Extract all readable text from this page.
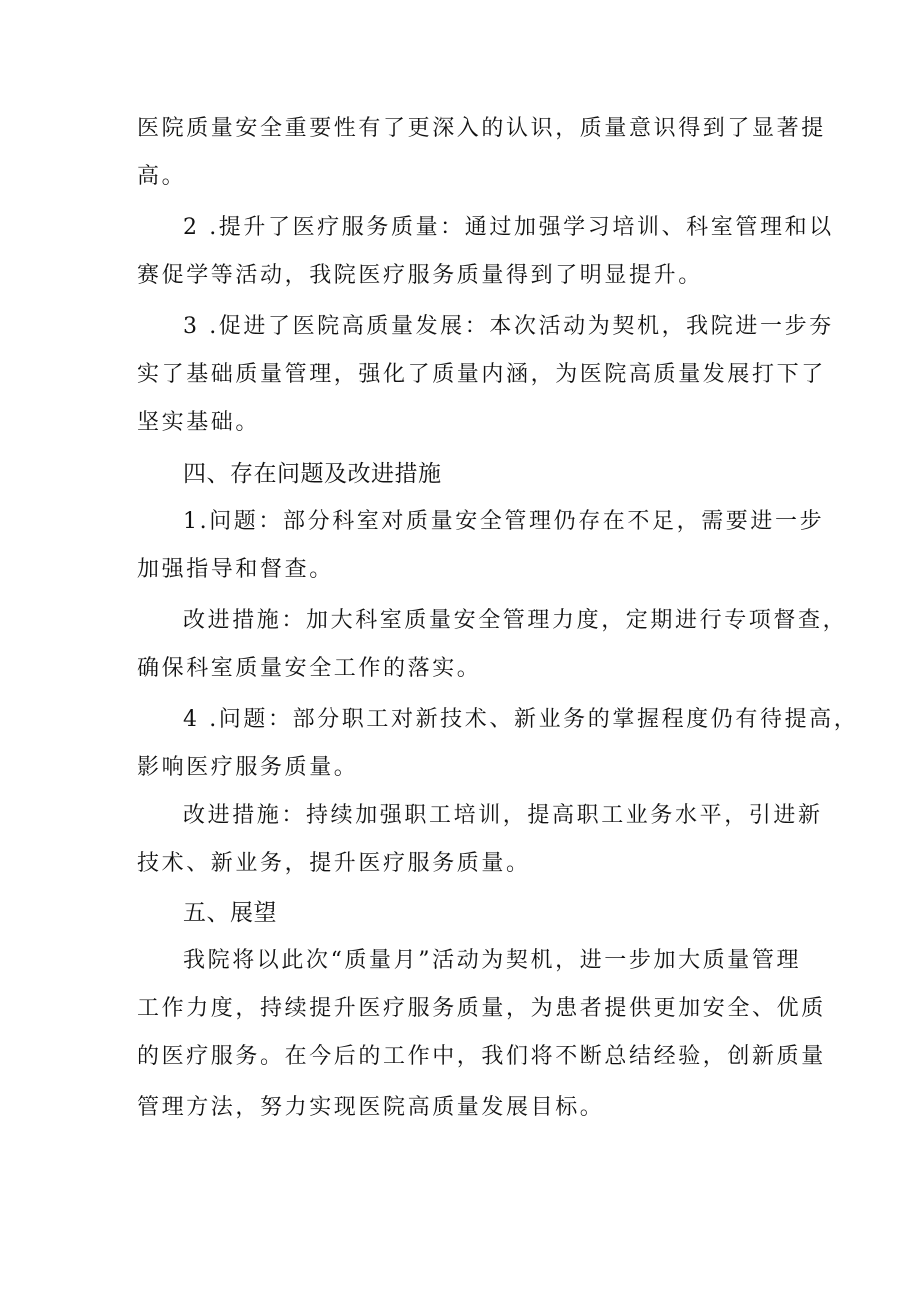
医院质量安全重要性有了更深入的认识，质量意识得到了显著提
高。
2 .提升了医疗服务质量：通过加强学习培训、科室管理和以
赛促学等活动，我院医疗服务质量得到了明显提升。
3 .促进了医院高质量发展：本次活动为契机，我院进一步夯
实了基础质量管理，强化了质量内涵，为医院高质量发展打下了
坚实基础。
四、存在问题及改进措施
1.问题：部分科室对质量安全管理仍存在不足，需要进一步
加强指导和督查。
改进措施：加大科室质量安全管理力度，定期进行专项督查，
确保科室质量安全工作的落实。
4 .问题：部分职工对新技术、新业务的掌握程度仍有待提高，
影响医疗服务质量。
改进措施：持续加强职工培训，提高职工业务水平，引进新
技术、新业务，提升医疗服务质量。
五、展望
我院将以此次“质量月”活动为契机，进一步加大质量管理
工作力度，持续提升医疗服务质量，为患者提供更加安全、优质
的医疗服务。在今后的工作中，我们将不断总结经验，创新质量
管理方法，努力实现医院高质量发展目标。
